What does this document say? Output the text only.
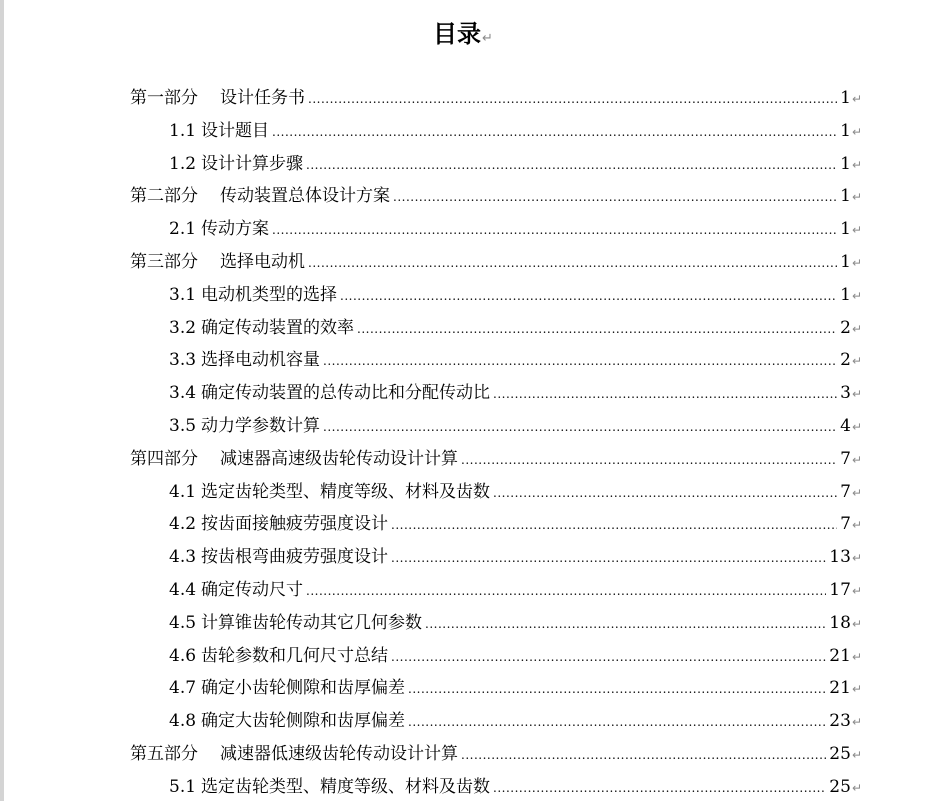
目录↵
第一部分 设计任务书 .....	1↵
1.1 设计题目 .....	1↵
1.2 设计计算步骤 .....	1↵
第二部分 传动装置总体设计方案 .....	1↵
2.1 传动方案 .....	1↵
第三部分 选择电动机 .....	1↵
3.1 电动机类型的选择 .....	1↵
3.2 确定传动装置的效率 .....	2↵
3.3 选择电动机容量 .....	2↵
3.4 确定传动装置的总传动比和分配传动比 .....	3↵
3.5 动力学参数计算 .....	4↵
第四部分 减速器高速级齿轮传动设计计算 .....	7↵
4.1 选定齿轮类型、精度等级、材料及齿数 .....	7↵
4.2 按齿面接触疲劳强度设计 .....	7↵
4.3 按齿根弯曲疲劳强度设计 .....	13↵
4.4 确定传动尺寸 .....	17↵
4.5 计算锥齿轮传动其它几何参数 .....	18↵
4.6 齿轮参数和几何尺寸总结 .....	21↵
4.7 确定小齿轮侧隙和齿厚偏差 .....	21↵
4.8 确定大齿轮侧隙和齿厚偏差 .....	23↵
第五部分 减速器低速级齿轮传动设计计算 .....	25↵
5.1 选定齿轮类型、精度等级、材料及齿数 .....	25↵
